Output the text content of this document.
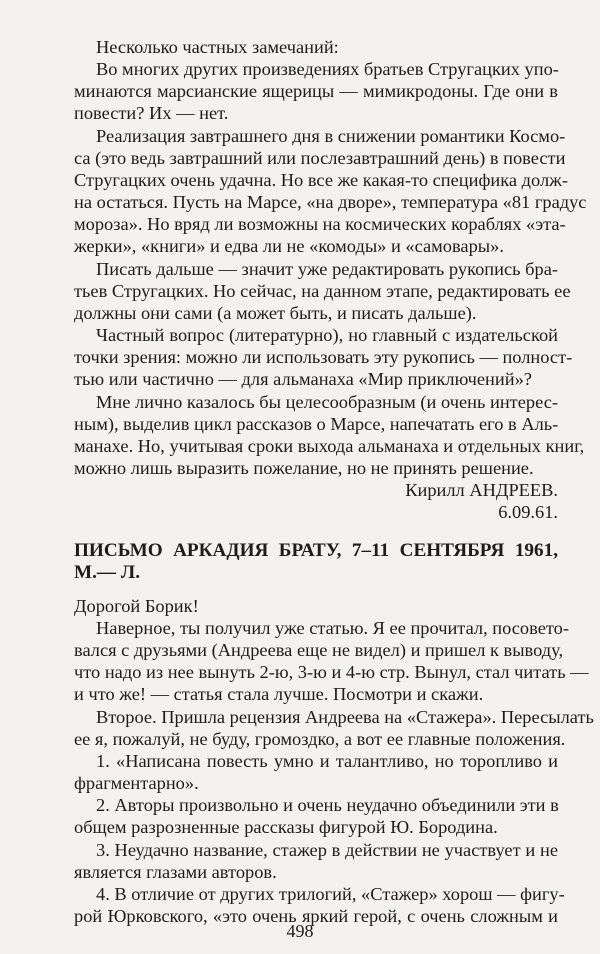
Несколько частных замечаний:
Во многих других произведениях братьев Стругацких упо-
минаются марсианские ящерицы — мимикродоны. Где они в
повести? Их — нет.
Реализация завтрашнего дня в снижении романтики Космо-
са (это ведь завтрашний или послезавтрашний день) в повести
Стругацких очень удачна. Но все же какая-то специфика долж-
на остаться. Пусть на Марсе, «на дворе», температура «81 градус
мороза». Но вряд ли возможны на космических кораблях «эта-
жерки», «книги» и едва ли не «комоды» и «самовары».
Писать дальше — значит уже редактировать рукопись бра-
тьев Стругацких. Но сейчас, на данном этапе, редактировать ее
должны они сами (а может быть, и писать дальше).
Частный вопрос (литературно), но главный с издательской
точки зрения: можно ли использовать эту рукопись — полност-
тью или частично — для альманаха «Мир приключений»?
Мне лично казалось бы целесообразным (и очень интерес-
ным), выделив цикл рассказов о Марсе, напечатать его в Аль-
манахе. Но, учитывая сроки выхода альманаха и отдельных книг,
можно лишь выразить пожелание, но не принять решение.
Кирилл АНДРЕЕВ.
6.09.61.
ПИСЬМО АРКАДИЯ БРАТУ, 7–11 СЕНТЯБРЯ 1961,
М.— Л.
Дорогой Борик!
Наверное, ты получил уже статью. Я ее прочитал, посовето-
вался с друзьями (Андреева еще не видел) и пришел к выводу,
что надо из нее вынуть 2-ю, 3-ю и 4-ю стр. Вынул, стал читать —
и что же! — статья стала лучше. Посмотри и скажи.
Второе. Пришла рецензия Андреева на «Стажера». Пересылать
ее я, пожалуй, не буду, громоздко, а вот ее главные положения.
1. «Написана повесть умно и талантливо, но торопливо и
фрагментарно».
2. Авторы произвольно и очень неудачно объединили эти в
общем разрозненные рассказы фигурой Ю. Бородина.
3. Неудачно название, стажер в действии не участвует и не
является глазами авторов.
4. В отличие от других трилогий, «Стажер» хорош — фигу-
рой Юрковского, «это очень яркий герой, с очень сложным и
498
